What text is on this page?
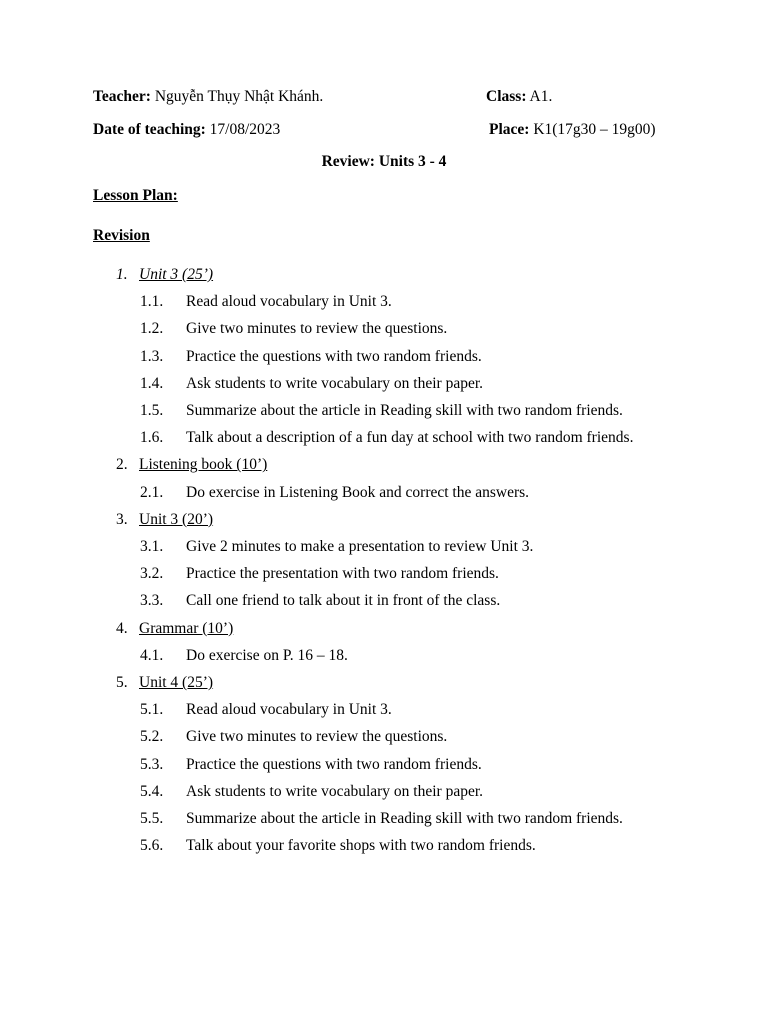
Teacher: Nguyễn Thụy Nhật Khánh.	Class: A1.
Date of teaching: 17/08/2023	Place: K1(17g30 – 19g00)
Review: Units 3 - 4
Lesson Plan:
Revision
1. Unit 3 (25’)
1.1. Read aloud vocabulary in Unit 3.
1.2. Give two minutes to review the questions.
1.3. Practice the questions with two random friends.
1.4. Ask students to write vocabulary on their paper.
1.5. Summarize about the article in Reading skill with two random friends.
1.6. Talk about a description of a fun day at school with two random friends.
2. Listening book (10’)
2.1. Do exercise in Listening Book and correct the answers.
3. Unit 3 (20’)
3.1. Give 2 minutes to make a presentation to review Unit 3.
3.2. Practice the presentation with two random friends.
3.3. Call one friend to talk about it in front of the class.
4. Grammar (10’)
4.1. Do exercise on P. 16 – 18.
5. Unit 4 (25’)
5.1. Read aloud vocabulary in Unit 3.
5.2. Give two minutes to review the questions.
5.3. Practice the questions with two random friends.
5.4. Ask students to write vocabulary on their paper.
5.5. Summarize about the article in Reading skill with two random friends.
5.6. Talk about your favorite shops with two random friends.
